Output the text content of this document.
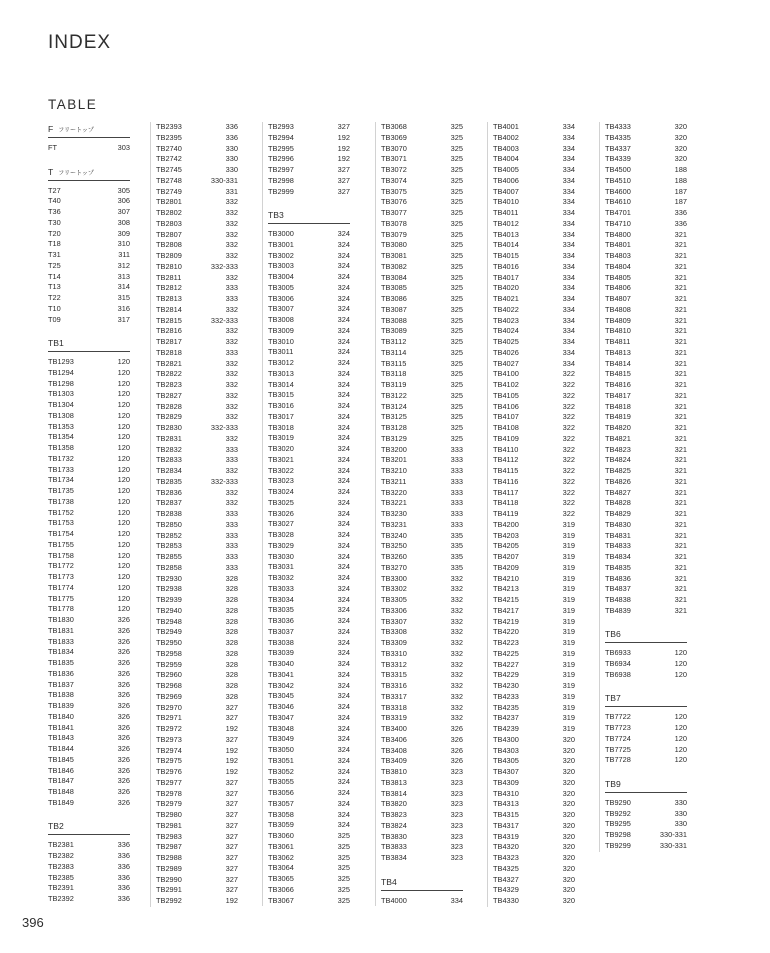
INDEX
TABLE
F フリートップ
FT	303
T フリートップ
T27	305
T40	306
T36	307
T30	308
T20	309
T18	310
T31	311
T25	312
T14	313
T13	314
T22	315
T10	316
T09	317
TB1
TB1293	120
TB1294	120
TB1298	120
TB1303	120
TB1304	120
TB1308	120
TB1353	120
TB1354	120
TB1358	120
TB1732	120
TB1733	120
TB1734	120
TB1735	120
TB1738	120
TB1752	120
TB1753	120
TB1754	120
TB1755	120
TB1758	120
TB1772	120
TB1773	120
TB1774	120
TB1775	120
TB1778	120
TB1830	326
TB1831	326
TB1833	326
TB1834	326
TB1835	326
TB1836	326
TB1837	326
TB1838	326
TB1839	326
TB1840	326
TB1841	326
TB1843	326
TB1844	326
TB1845	326
TB1846	326
TB1847	326
TB1848	326
TB1849	326
TB2
TB2381	336
TB2382	336
TB2383	336
TB2385	336
TB2391	336
TB2392	336
TB2393	336
TB2395	336
TB2740	330
TB2742	330
TB2745	330
TB2748	330-331
TB2749	331
TB2801	332
TB2802	332
TB2803	332
TB2807	332
TB2808	332
TB2809	332
TB2810	332-333
TB2811	332
TB2812	333
TB2813	333
TB2814	332
TB2815	332-333
TB2816	332
TB2817	332
TB2818	333
TB2821	332
TB2822	332
TB2823	332
TB2827	332
TB2828	332
TB2829	332
TB2830	332-333
TB2831	332
TB2832	333
TB2833	333
TB2834	332
TB2835	332-333
TB2836	332
TB2837	332
TB2838	333
TB2850	333
TB2852	333
TB2853	333
TB2855	333
TB2858	333
TB2930	328
TB2938	328
TB2939	328
TB2940	328
TB2948	328
TB2949	328
TB2950	328
TB2958	328
TB2959	328
TB2960	328
TB2968	328
TB2969	328
TB2970	327
TB2971	327
TB2972	192
TB2973	327
TB2974	192
TB2975	192
TB2976	192
TB2977	327
TB2978	327
TB2979	327
TB2980	327
TB2981	327
TB2983	327
TB2987	327
TB2988	327
TB2989	327
TB2990	327
TB2991	327
TB2992	192
TB2993	327
TB2994	192
TB2995	192
TB2996	192
TB2997	327
TB2998	327
TB2999	327
TB3
TB3000	324
TB3001	324
TB3002	324
TB3003	324
TB3004	324
TB3005	324
TB3006	324
TB3007	324
TB3008	324
TB3009	324
TB3010	324
TB3011	324
TB3012	324
TB3013	324
TB3014	324
TB3015	324
TB3016	324
TB3017	324
TB3018	324
TB3019	324
TB3020	324
TB3021	324
TB3022	324
TB3023	324
TB3024	324
TB3025	324
TB3026	324
TB3027	324
TB3028	324
TB3029	324
TB3030	324
TB3031	324
TB3032	324
TB3033	324
TB3034	324
TB3035	324
TB3036	324
TB3037	324
TB3038	324
TB3039	324
TB3040	324
TB3041	324
TB3042	324
TB3045	324
TB3046	324
TB3047	324
TB3048	324
TB3049	324
TB3050	324
TB3051	324
TB3052	324
TB3055	324
TB3056	324
TB3057	324
TB3058	324
TB3059	324
TB3060	325
TB3061	325
TB3062	325
TB3064	325
TB3065	325
TB3066	325
TB3067	325
TB3068	325
TB3069	325
TB3070	325
TB3071	325
TB3072	325
TB3074	325
TB3075	325
TB3076	325
TB3077	325
TB3078	325
TB3079	325
TB3080	325
TB3081	325
TB3082	325
TB3084	325
TB3085	325
TB3086	325
TB3087	325
TB3088	325
TB3089	325
TB3112	325
TB3114	325
TB3115	325
TB3118	325
TB3119	325
TB3122	325
TB3124	325
TB3125	325
TB3128	325
TB3129	325
TB3200	333
TB3201	333
TB3210	333
TB3211	333
TB3220	333
TB3221	333
TB3230	333
TB3231	333
TB3240	335
TB3250	335
TB3260	335
TB3270	335
TB3300	332
TB3302	332
TB3305	332
TB3306	332
TB3307	332
TB3308	332
TB3309	332
TB3310	332
TB3312	332
TB3315	332
TB3316	332
TB3317	332
TB3318	332
TB3319	332
TB3400	326
TB3406	326
TB3408	326
TB3409	326
TB3810	323
TB3813	323
TB3814	323
TB3820	323
TB3823	323
TB3824	323
TB3830	323
TB3833	323
TB3834	323
TB4
TB4000	334
TB4001	334
TB4002	334
TB4003	334
TB4004	334
TB4005	334
TB4006	334
TB4007	334
TB4010	334
TB4011	334
TB4012	334
TB4013	334
TB4014	334
TB4015	334
TB4016	334
TB4017	334
TB4020	334
TB4021	334
TB4022	334
TB4023	334
TB4024	334
TB4025	334
TB4026	334
TB4027	334
TB4100	322
TB4102	322
TB4105	322
TB4106	322
TB4107	322
TB4108	322
TB4109	322
TB4110	322
TB4112	322
TB4115	322
TB4116	322
TB4117	322
TB4118	322
TB4119	322
TB4200	319
TB4203	319
TB4205	319
TB4207	319
TB4209	319
TB4210	319
TB4213	319
TB4215	319
TB4217	319
TB4219	319
TB4220	319
TB4223	319
TB4225	319
TB4227	319
TB4229	319
TB4230	319
TB4233	319
TB4235	319
TB4237	319
TB4239	319
TB4300	320
TB4303	320
TB4305	320
TB4307	320
TB4309	320
TB4310	320
TB4313	320
TB4315	320
TB4317	320
TB4319	320
TB4320	320
TB4323	320
TB4325	320
TB4327	320
TB4329	320
TB4330	320
TB4333	320
TB4335	320
TB4337	320
TB4339	320
TB4500	188
TB4510	188
TB4600	187
TB4610	187
TB4701	336
TB4710	336
TB4800	321
TB4801	321
TB4803	321
TB4804	321
TB4805	321
TB4806	321
TB4807	321
TB4808	321
TB4809	321
TB4810	321
TB4811	321
TB4813	321
TB4814	321
TB4815	321
TB4816	321
TB4817	321
TB4818	321
TB4819	321
TB4820	321
TB4821	321
TB4823	321
TB4824	321
TB4825	321
TB4826	321
TB4827	321
TB4828	321
TB4829	321
TB4830	321
TB4831	321
TB4833	321
TB4834	321
TB4835	321
TB4836	321
TB4837	321
TB4838	321
TB4839	321
TB6
TB6933	120
TB6934	120
TB6938	120
TB7
TB7722	120
TB7723	120
TB7724	120
TB7725	120
TB7728	120
TB9
TB9290	330
TB9292	330
TB9295	330
TB9298	330-331
TB9299	330-331
396
